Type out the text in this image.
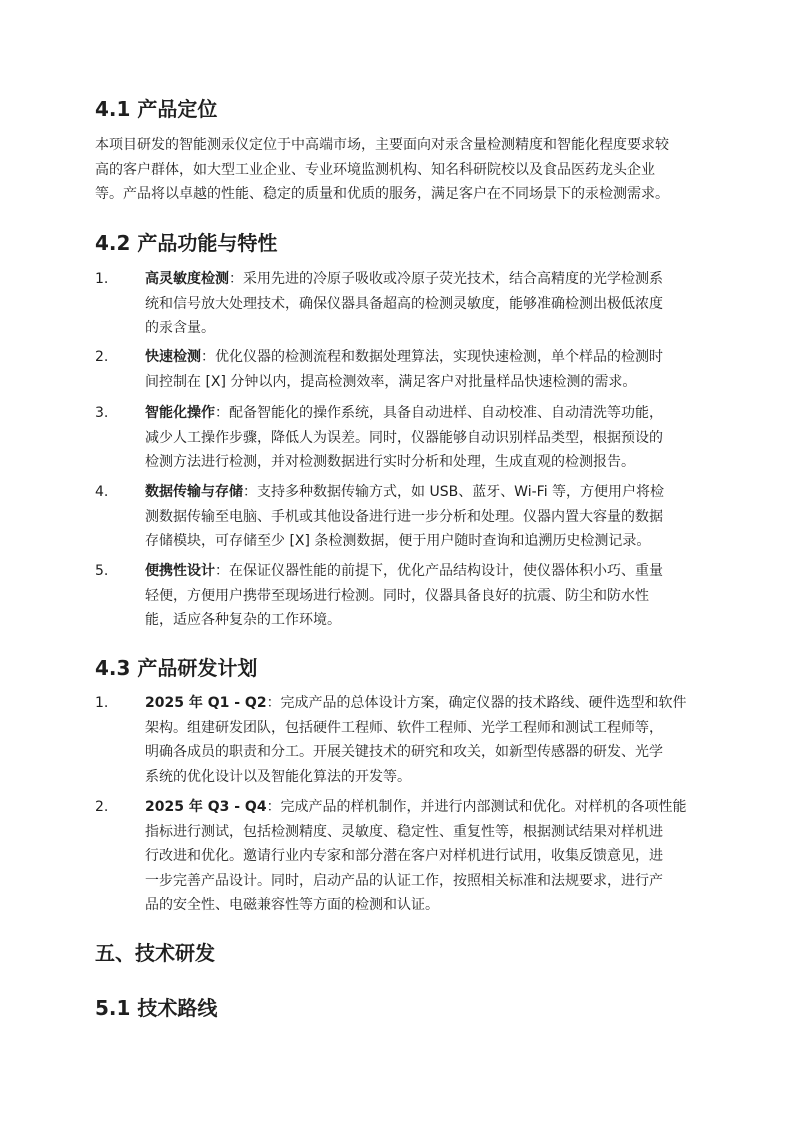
4.1 产品定位

本项目研发的智能测汞仪定位于中高端市场，主要面向对汞含量检测精度和智能化程度要求较
高的客户群体，如大型工业企业、专业环境监测机构、知名科研院校以及食品医药龙头企业
等。产品将以卓越的性能、稳定的质量和优质的服务，满足客户在不同场景下的汞检测需求。

4.2 产品功能与特性
1.	高灵敏度检测：采用先进的冷原子吸收或冷原子荧光技术，结合高精度的光学检测系
统和信号放大处理技术，确保仪器具备超高的检测灵敏度，能够准确检测出极低浓度
的汞含量。
2.	快速检测：优化仪器的检测流程和数据处理算法，实现快速检测，单个样品的检测时
间控制在 [X] 分钟以内，提高检测效率，满足客户对批量样品快速检测的需求。
3.	智能化操作：配备智能化的操作系统，具备自动进样、自动校准、自动清洗等功能，
减少人工操作步骤，降低人为误差。同时，仪器能够自动识别样品类型，根据预设的
检测方法进行检测，并对检测数据进行实时分析和处理，生成直观的检测报告。
4.	数据传输与存储：支持多种数据传输方式，如 USB、蓝牙、Wi-Fi 等，方便用户将检
测数据传输至电脑、手机或其他设备进行进一步分析和处理。仪器内置大容量的数据
存储模块，可存储至少 [X] 条检测数据，便于用户随时查询和追溯历史检测记录。
5.	便携性设计：在保证仪器性能的前提下，优化产品结构设计，使仪器体积小巧、重量
轻便，方便用户携带至现场进行检测。同时，仪器具备良好的抗震、防尘和防水性
能，适应各种复杂的工作环境。
4.3 产品研发计划
1.	2025 年 Q1 - Q2：完成产品的总体设计方案，确定仪器的技术路线、硬件选型和软件
架构。组建研发团队，包括硬件工程师、软件工程师、光学工程师和测试工程师等，
明确各成员的职责和分工。开展关键技术的研究和攻关，如新型传感器的研发、光学
系统的优化设计以及智能化算法的开发等。
2.	2025 年 Q3 - Q4：完成产品的样机制作，并进行内部测试和优化。对样机的各项性能
指标进行测试，包括检测精度、灵敏度、稳定性、重复性等，根据测试结果对样机进
行改进和优化。邀请行业内专家和部分潜在客户对样机进行试用，收集反馈意见，进
一步完善产品设计。同时，启动产品的认证工作，按照相关标准和法规要求，进行产
品的安全性、电磁兼容性等方面的检测和认证。
五、技术研发
5.1 技术路线
